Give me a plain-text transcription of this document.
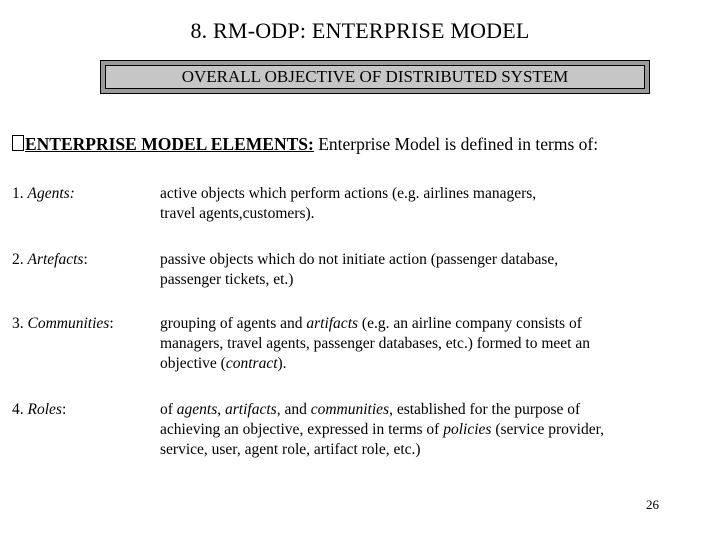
8. RM-ODP: ENTERPRISE MODEL
OVERALL OBJECTIVE OF DISTRIBUTED SYSTEM
ENTERPRISE MODEL ELEMENTS: Enterprise Model is defined in terms of:
1. Agents:	active objects which perform actions (e.g. airlines managers,
travel agents,customers).
2. Artefacts:	passive objects which do not initiate action (passenger database,
passenger tickets, et.)
3. Communities:	grouping of agents and artifacts (e.g. an airline company consists of managers, travel agents, passenger databases, etc.) formed to meet an objective (contract).
4. Roles:	of agents, artifacts, and communities, established for the purpose of achieving an objective, expressed in terms of policies (service provider, service, user, agent role, artifact role, etc.)
26
